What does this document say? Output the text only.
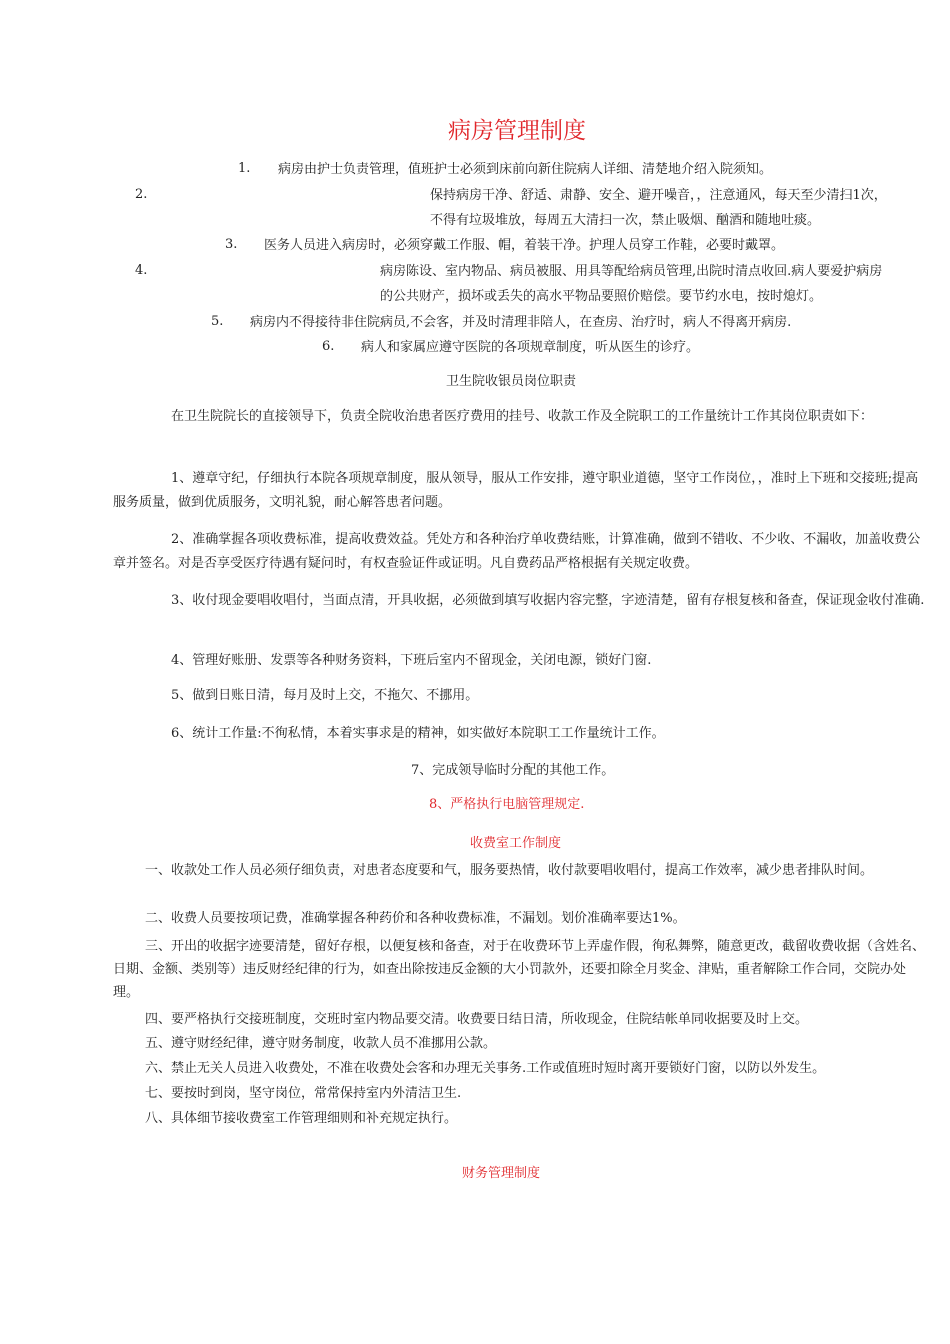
病房管理制度
1. 病房由护士负责管理，值班护士必须到床前向新住院病人详细、清楚地介绍入院须知。
2.	保持病房干净、舒适、肃静、安全、避开噪音，，注意通风，每天至少清扫1次，
不得有垃圾堆放，每周五大清扫一次，禁止吸烟、酗酒和随地吐痰。
3. 医务人员进入病房时，必须穿戴工作服、帽，着装干净。护理人员穿工作鞋，必要时戴罩。
4.	病房陈设、室内物品、病员被服、用具等配给病员管理,出院时清点收回.病人要爱护病房
的公共财产，损坏或丢失的高水平物品要照价赔偿。要节约水电，按时熄灯。
5. 病房内不得接待非住院病员,不会客，并及时清理非陪人，在查房、治疗时，病人不得离开病房.
6. 病人和家属应遵守医院的各项规章制度，听从医生的诊疗。
卫生院收银员岗位职责
在卫生院院长的直接领导下，负责全院收治患者医疗费用的挂号、收款工作及全院职工的工作量统计工作其岗位职责如下：
1、遵章守纪，仔细执行本院各项规章制度，服从领导，服从工作安排，遵守职业道德，坚守工作岗位，，准时上下班和交接班;提高服务质量，做到优质服务，文明礼貌，耐心解答患者问题。
2、准确掌握各项收费标准，提高收费效益。凭处方和各种治疗单收费结账，计算准确，做到不错收、不少收、不漏收，加盖收费公章并签名。对是否享受医疗待遇有疑问时，有权查验证件或证明。凡自费药品严格根据有关规定收费。
3、收付现金要唱收唱付，当面点清，开具收据，必须做到填写收据内容完整，字迹清楚，留有存根复核和备查，保证现金收付准确.
4、管理好账册、发票等各种财务资料，下班后室内不留现金，关闭电源，锁好门窗.
5、做到日账日清，每月及时上交，不拖欠、不挪用。
6、统计工作量:不徇私情，本着实事求是的精神，如实做好本院职工工作量统计工作。
7、完成领导临时分配的其他工作。
8、严格执行电脑管理规定.
收费室工作制度
一、收款处工作人员必须仔细负责，对患者态度要和气，服务要热情，收付款要唱收唱付，提高工作效率，减少患者排队时间。
二、收费人员要按项记费，准确掌握各种药价和各种收费标准，不漏划。划价准确率要达1%。
三、开出的收据字迹要清楚，留好存根，以便复核和备查，对于在收费环节上弄虚作假，徇私舞弊，随意更改，截留收费收据（含姓名、日期、金额、类别等）违反财经纪律的行为，如查出除按违反金额的大小罚款外，还要扣除全月奖金、津贴，重者解除工作合同，交院办处理。
四、要严格执行交接班制度，交班时室内物品要交清。收费要日结日清，所收现金，住院结帐单同收据要及时上交。
五、遵守财经纪律，遵守财务制度，收款人员不准挪用公款。
六、禁止无关人员进入收费处，不准在收费处会客和办理无关事务.工作或值班时短时离开要锁好门窗，以防以外发生。
七、要按时到岗，坚守岗位，常常保持室内外清洁卫生.
八、具体细节接收费室工作管理细则和补充规定执行。
财务管理制度
